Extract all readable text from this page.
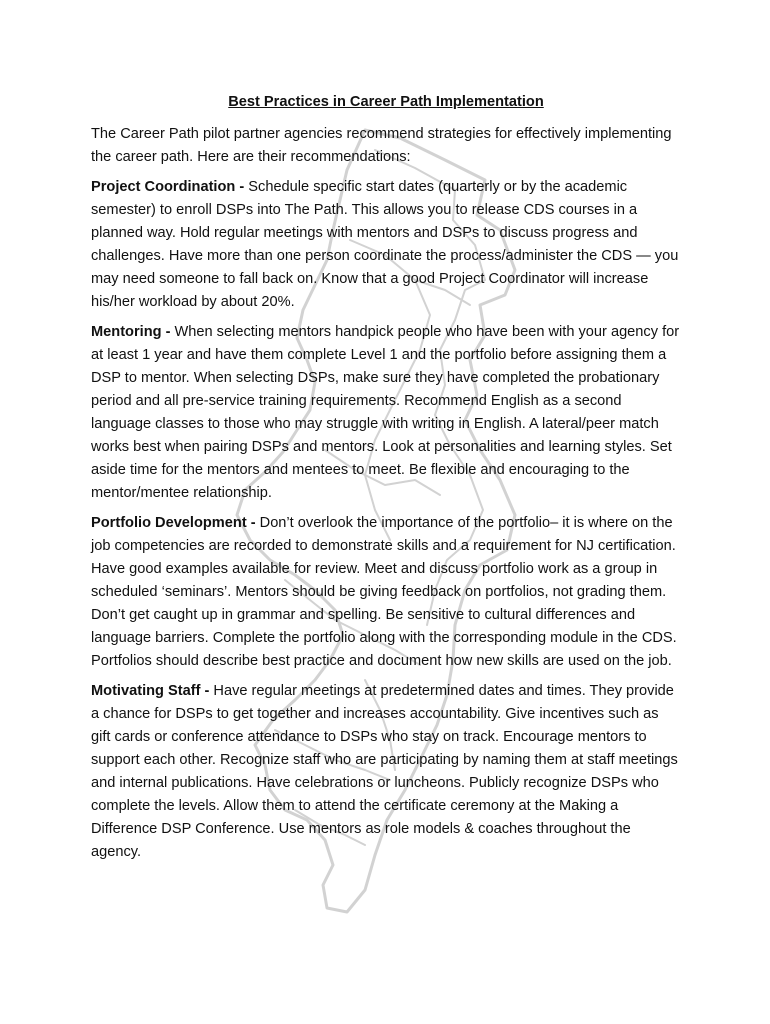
Best Practices in Career Path Implementation

The Career Path pilot partner agencies recommend strategies for effectively implementing the career path. Here are their recommendations:

Project Coordination - Schedule specific start dates (quarterly or by the academic semester) to enroll DSPs into The Path. This allows you to release CDS courses in a planned way. Hold regular meetings with mentors and DSPs to discuss progress and challenges. Have more than one person coordinate the process/administer the CDS — you may need someone to fall back on. Know that a good Project Coordinator will increase his/her workload by about 20%.

Mentoring - When selecting mentors handpick people who have been with your agency for at least 1 year and have them complete Level 1 and the portfolio before assigning them a DSP to mentor. When selecting DSPs, make sure they have completed the probationary period and all pre-service training requirements. Recommend English as a second language classes to those who may struggle with writing in English. A lateral/peer match works best when pairing DSPs and mentors. Look at personalities and learning styles. Set aside time for the mentors and mentees to meet. Be flexible and encouraging to the mentor/mentee relationship.

Portfolio Development - Don’t overlook the importance of the portfolio– it is where on the job competencies are recorded to demonstrate skills and a requirement for NJ certification. Have good examples available for review. Meet and discuss portfolio work as a group in scheduled ‘seminars’. Mentors should be giving feedback on portfolios, not grading them. Don’t get caught up in grammar and spelling. Be sensitive to cultural differences and language barriers. Complete the portfolio along with the corresponding module in the CDS. Portfolios should describe best practice and document how new skills are used on the job.

Motivating Staff - Have regular meetings at predetermined dates and times. They provide a chance for DSPs to get together and increases accountability. Give incentives such as gift cards or conference attendance to DSPs who stay on track. Encourage mentors to support each other. Recognize staff who are participating by naming them at staff meetings and internal publications. Have celebrations or luncheons. Publicly recognize DSPs who complete the levels. Allow them to attend the certificate ceremony at the Making a Difference DSP Conference. Use mentors as role models & coaches throughout the agency.
